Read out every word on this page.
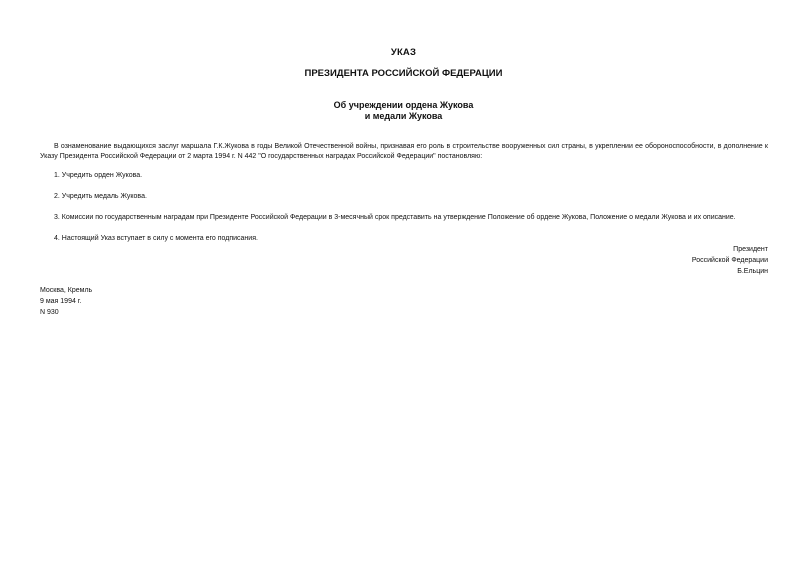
УКАЗ
ПРЕЗИДЕНТА РОССИЙСКОЙ ФЕДЕРАЦИИ
Об учреждении ордена Жукова
и медали Жукова
В ознаменование выдающихся заслуг маршала Г.К.Жукова в годы Великой Отечественной войны, признавая его роль в строительстве вооруженных сил страны, в укреплении ее обороноспособности, в дополнение к Указу Президента Российской Федерации от 2 марта 1994 г. N 442 "О государственных наградах Российской Федерации" постановляю:
1. Учредить орден Жукова.
2. Учредить медаль Жукова.
3. Комиссии по государственным наградам при Президенте Российской Федерации в 3-месячный срок представить на утверждение Положение об ордене Жукова, Положение о медали Жукова и их описание.
4. Настоящий Указ вступает в силу с момента его подписания.
Президент
Российской Федерации
Б.Ельцин
Москва, Кремль
9 мая 1994 г.
N 930
